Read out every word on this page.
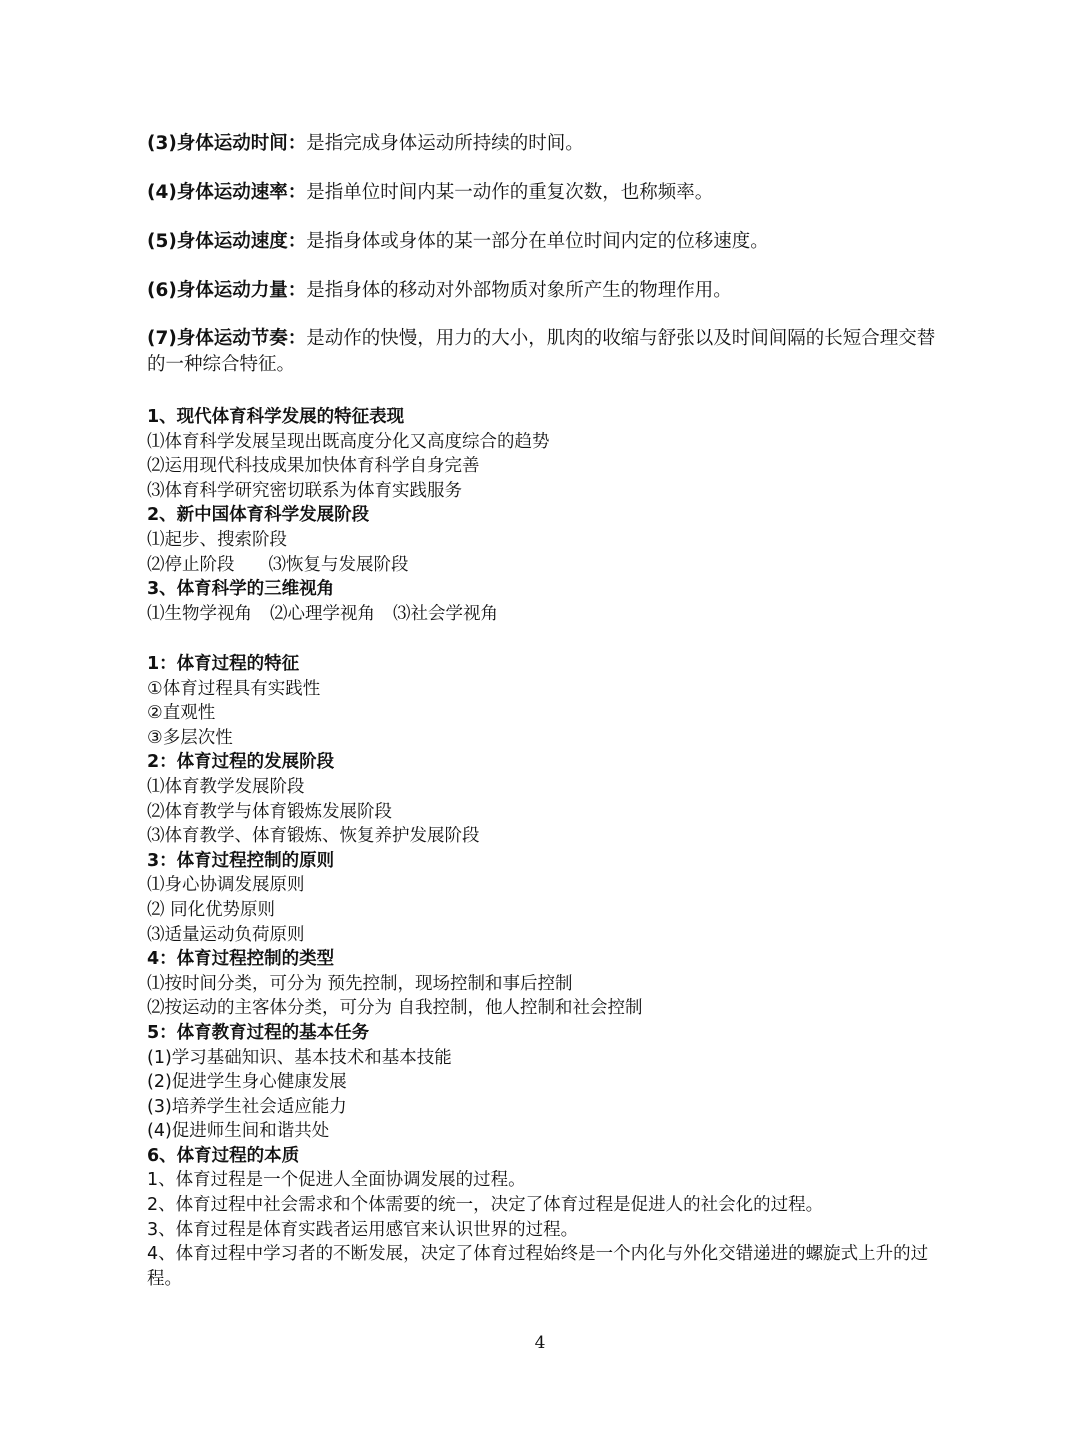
(3)身体运动时间：是指完成身体运动所持续的时间。

(4)身体运动速率：是指单位时间内某一动作的重复次数，也称频率。

(5)身体运动速度：是指身体或身体的某一部分在单位时间内定的位移速度。

(6)身体运动力量：是指身体的移动对外部物质对象所产生的物理作用。

(7)身体运动节奏：是动作的快慢，用力的大小，肌肉的收缩与舒张以及时间间隔的长短合理交替的一种综合特征。

1、现代体育科学发展的特征表现
⑴体育科学发展呈现出既高度分化又高度综合的趋势
⑵运用现代科技成果加快体育科学自身完善
⑶体育科学研究密切联系为体育实践服务
2、新中国体育科学发展阶段
⑴起步、搜索阶段
⑵停止阶段 ⑶恢复与发展阶段
3、体育科学的三维视角
⑴生物学视角 ⑵心理学视角 ⑶社会学视角
1：体育过程的特征
①体育过程具有实践性
②直观性
③多层次性
2：体育过程的发展阶段
⑴体育教学发展阶段
⑵体育教学与体育锻炼发展阶段
⑶体育教学、体育锻炼、恢复养护发展阶段
3：体育过程控制的原则
⑴身心协调发展原则
⑵ 同化优势原则
⑶适量运动负荷原则
4：体育过程控制的类型
⑴按时间分类，可分为 预先控制，现场控制和事后控制
⑵按运动的主客体分类，可分为 自我控制，他人控制和社会控制
5：体育教育过程的基本任务
(1)学习基础知识、基本技术和基本技能
(2)促进学生身心健康发展
(3)培养学生社会适应能力
(4)促进师生间和谐共处
6、体育过程的本质
1、体育过程是一个促进人全面协调发展的过程。
2、体育过程中社会需求和个体需要的统一，决定了体育过程是促进人的社会化的过程。
3、体育过程是体育实践者运用感官来认识世界的过程。
4、体育过程中学习者的不断发展，决定了体育过程始终是一个内化与外化交错递进的螺旋式上升的过程。
4
